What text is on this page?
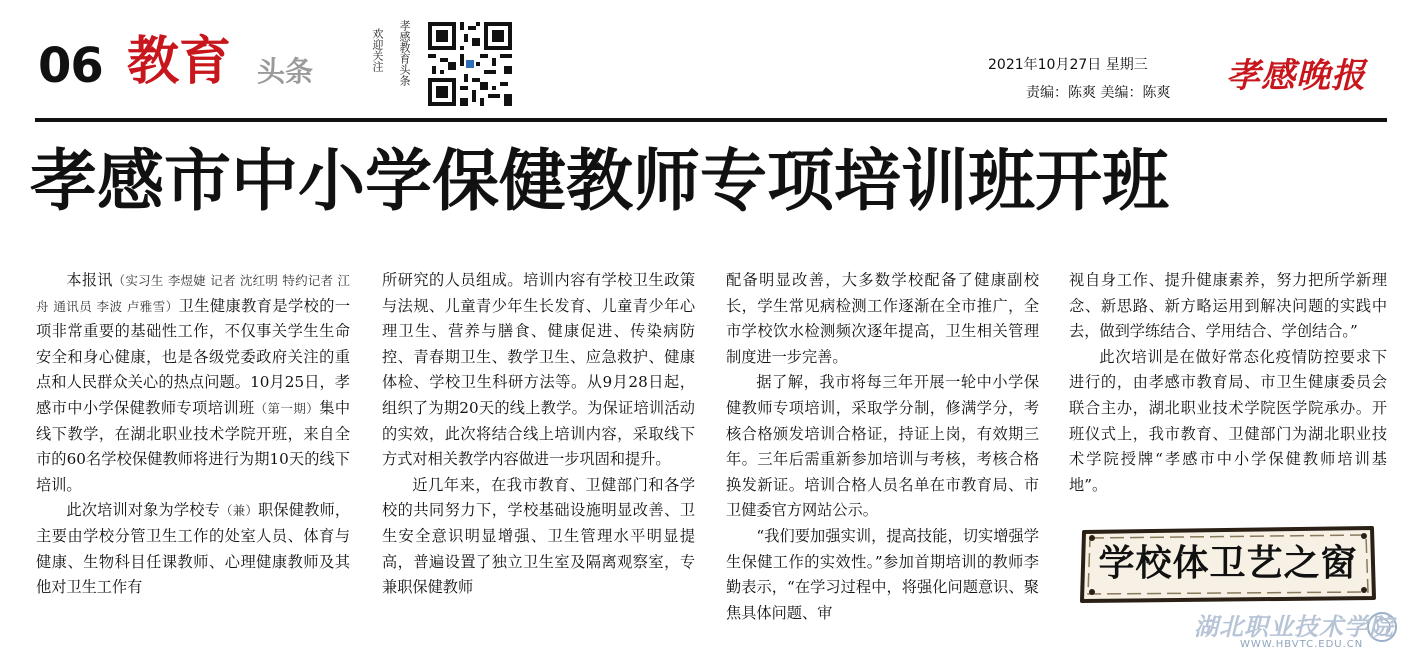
06 教育 头条	欢迎关注 孝感教育头条	2021年10月27日 星期三
责编：陈爽 美编：陈爽	孝感晚报
孝感市中小学保健教师专项培训班开班

本报讯（实习生 李煜婕 记者 沈红明 特约记者 江舟 通讯员 李波 卢雅雪）卫生健康教育是学校的一项非常重要的基础性工作，不仅事关学生生命安全和身心健康，也是各级党委政府关注的重点和人民群众关心的热点问题。10月25日，孝感市中小学保健教师专项培训班（第一期）集中线下教学，在湖北职业技术学院开班，来自全市的60名学校保健教师将进行为期10天的线下培训。

此次培训对象为学校专（兼）职保健教师，主要由学校分管卫生工作的处室人员、体育与健康、生物科目任课教师、心理健康教师及其他对卫生工作有

所研究的人员组成。培训内容有学校卫生政策与法规、儿童青少年生长发育、儿童青少年心理卫生、营养与膳食、健康促进、传染病防控、青春期卫生、教学卫生、应急救护、健康体检、学校卫生科研方法等。从9月28日起，组织了为期20天的线上教学。为保证培训活动的实效，此次将结合线上培训内容，采取线下方式对相关教学内容做进一步巩固和提升。

近几年来，在我市教育、卫健部门和各学校的共同努力下，学校基础设施明显改善、卫生安全意识明显增强、卫生管理水平明显提高，普遍设置了独立卫生室及隔离观察室，专兼职保健教师

配备明显改善，大多数学校配备了健康副校长，学生常见病检测工作逐渐在全市推广，全市学校饮水检测频次逐年提高，卫生相关管理制度进一步完善。

据了解，我市将每三年开展一轮中小学保健教师专项培训，采取学分制，修满学分，考核合格颁发培训合格证，持证上岗，有效期三年。三年后需重新参加培训与考核，考核合格换发新证。培训合格人员名单在市教育局、市卫健委官方网站公示。

“我们要加强实训，提高技能，切实增强学生保健工作的实效性。”参加首期培训的教师李勤表示，“在学习过程中，将强化问题意识、聚焦具体问题、审

视自身工作、提升健康素养，努力把所学新理念、新思路、新方略运用到解决问题的实践中去，做到学练结合、学用结合、学创结合。”

此次培训是在做好常态化疫情防控要求下进行的，由孝感市教育局、市卫生健康委员会联合主办，湖北职业技术学院医学院承办。开班仪式上，我市教育、卫健部门为湖北职业技术学院授牌“孝感市中小学保健教师培训基地”。

学校体卫艺之窗
湖北职业技术学院
WWW.HBVTC.EDU.CN
